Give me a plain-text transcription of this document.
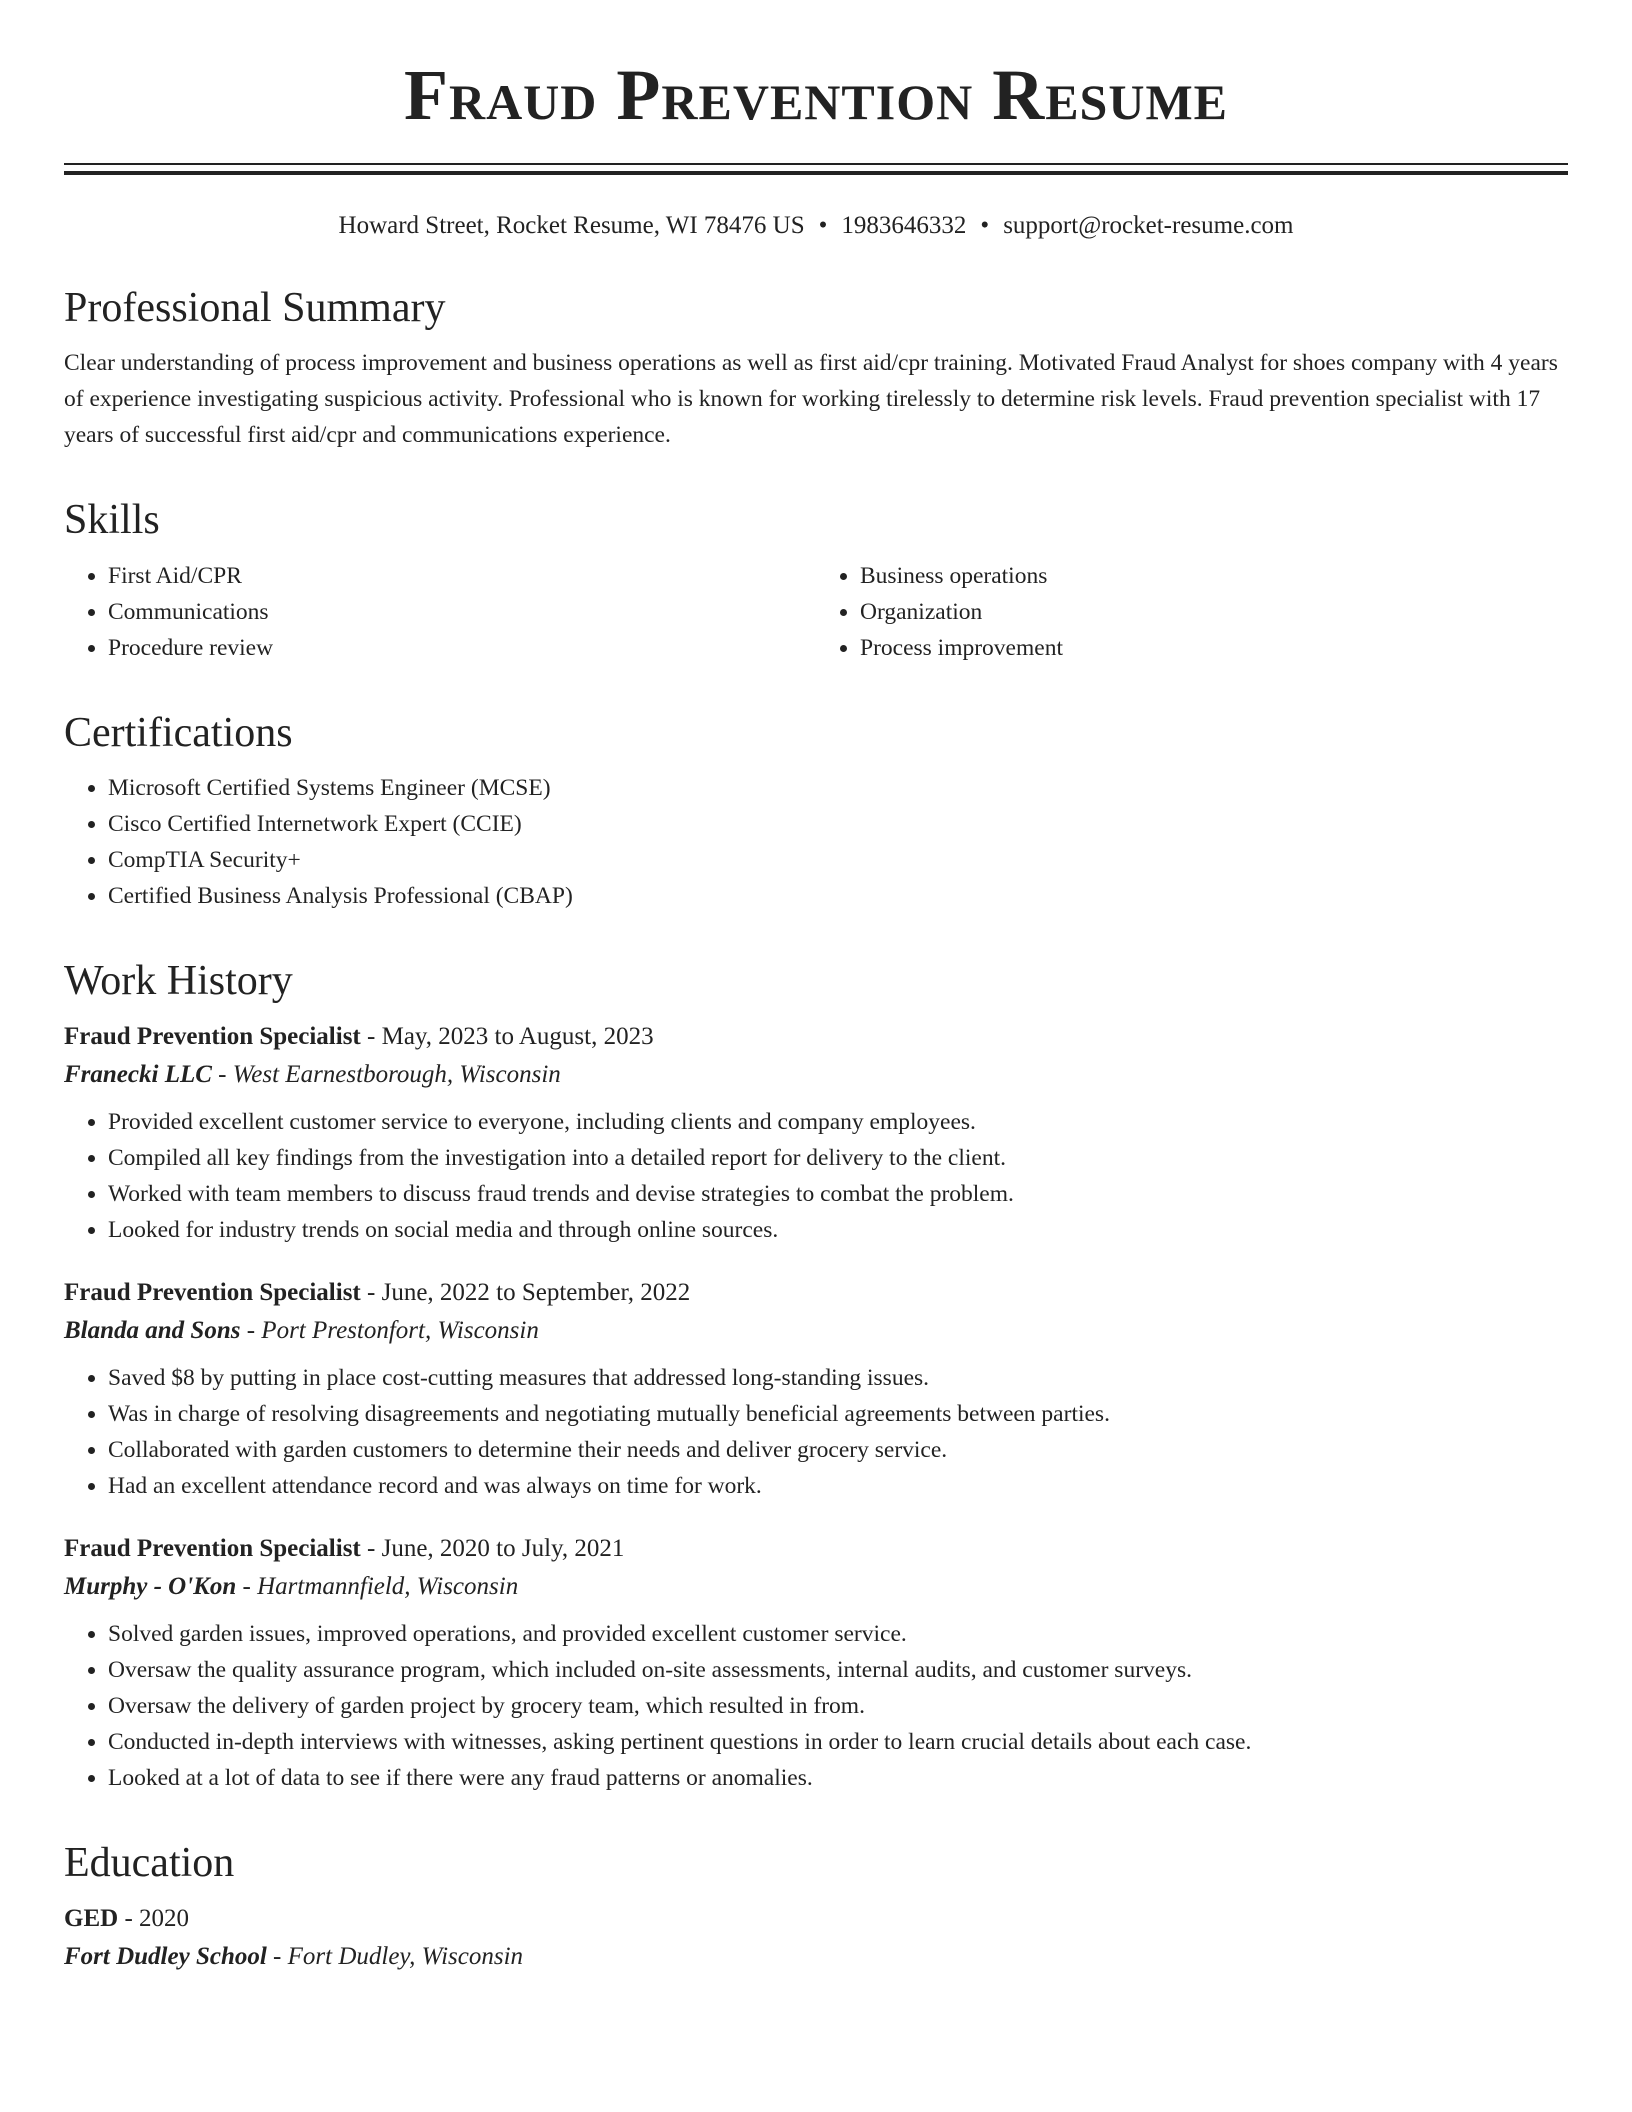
Fraud Prevention Resume
Howard Street, Rocket Resume, WI 78476 US • 1983646332 • support@rocket-resume.com
Professional Summary

Clear understanding of process improvement and business operations as well as first aid/cpr training. Motivated Fraud Analyst for shoes company with 4 years of experience investigating suspicious activity. Professional who is known for working tirelessly to determine risk levels. Fraud prevention specialist with 17 years of successful first aid/cpr and communications experience.

Skills
• First Aid/CPR
• Communications
• Procedure review
• Business operations
• Organization
• Process improvement
Certifications
• Microsoft Certified Systems Engineer (MCSE)
• Cisco Certified Internetwork Expert (CCIE)
• CompTIA Security+
• Certified Business Analysis Professional (CBAP)
Work History
Fraud Prevention Specialist - May, 2023 to August, 2023
Franecki LLC - West Earnestborough, Wisconsin
• Provided excellent customer service to everyone, including clients and company employees.
• Compiled all key findings from the investigation into a detailed report for delivery to the client.
• Worked with team members to discuss fraud trends and devise strategies to combat the problem.
• Looked for industry trends on social media and through online sources.
Fraud Prevention Specialist - June, 2022 to September, 2022
Blanda and Sons - Port Prestonfort, Wisconsin
• Saved $8 by putting in place cost-cutting measures that addressed long-standing issues.
• Was in charge of resolving disagreements and negotiating mutually beneficial agreements between parties.
• Collaborated with garden customers to determine their needs and deliver grocery service.
• Had an excellent attendance record and was always on time for work.
Fraud Prevention Specialist - June, 2020 to July, 2021
Murphy - O'Kon - Hartmannfield, Wisconsin
• Solved garden issues, improved operations, and provided excellent customer service.
• Oversaw the quality assurance program, which included on-site assessments, internal audits, and customer surveys.
• Oversaw the delivery of garden project by grocery team, which resulted in from.
• Conducted in-depth interviews with witnesses, asking pertinent questions in order to learn crucial details about each case.
• Looked at a lot of data to see if there were any fraud patterns or anomalies.
Education
GED - 2020
Fort Dudley School - Fort Dudley, Wisconsin
